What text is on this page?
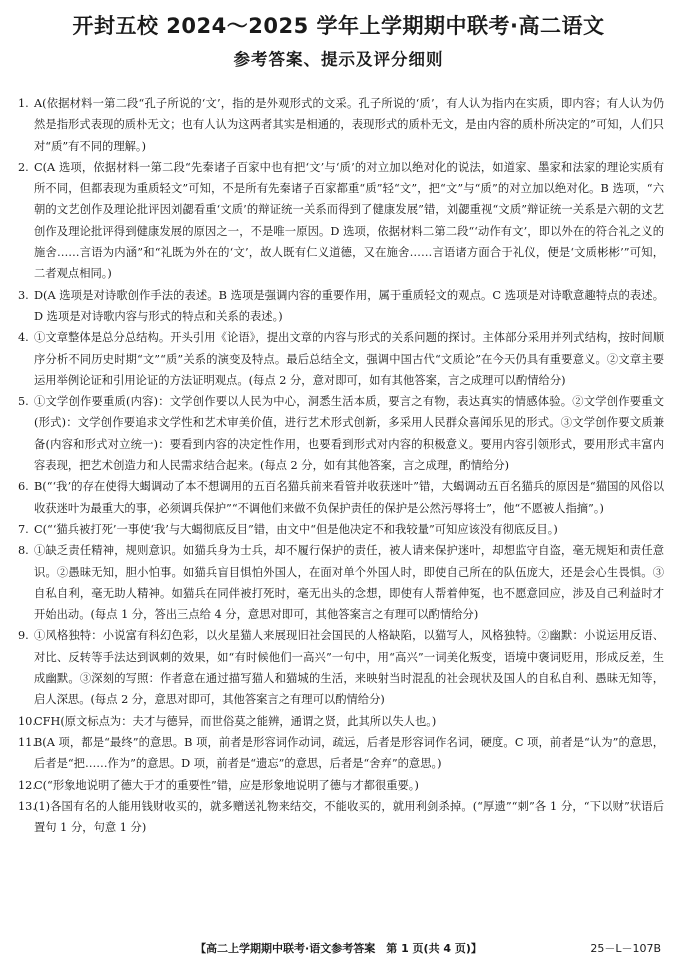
开封五校 2024～2025 学年上学期期中联考·高二语文
参考答案、提示及评分细则
1. A(依据材料一第二段“孔子所说的‘文’，指的是外观形式的文采。孔子所说的‘质’，有人认为指内在实质，即内容；有人认为仍然是指形式表现的质朴无文；也有人认为这两者其实是相通的，表现形式的质朴无文，是由内容的质朴所决定的”可知，人们只对“质”有不同的理解。)
2. C(A 选项，依据材料一第二段“先秦诸子百家中也有把‘文’与‘质’的对立加以绝对化的说法，如道家、墨家和法家的理论实质有所不同，但都表现为重质轻文”可知，不是所有先秦诸子百家都重“质”轻“文”，把“文”与“质”的对立加以绝对化。B 选项，“六朝的文艺创作及理论批评因刘勰看重‘文质’的辩证统一关系而得到了健康发展”错，刘勰重视“文质”辩证统一关系是六朝的文艺创作及理论批评得到健康发展的原因之一，不是唯一原因。D 选项，依据材料二第二段“‘动作有文’，即以外在的符合礼之义的施舍……言语为内涵”和“礼既为外在的‘文’，故人既有仁义道德，又在施舍……言语诸方面合于礼仪，便是‘文质彬彬’”可知，二者观点相同。)
3. D(A 选项是对诗歌创作手法的表述。B 选项是强调内容的重要作用，属于重质轻文的观点。C 选项是对诗歌意趣特点的表述。D 选项是对诗歌内容与形式的特点和关系的表述。)
4. ①文章整体是总分总结构。开头引用《论语》，提出文章的内容与形式的关系问题的探讨。主体部分采用并列式结构，按时间顺序分析不同历史时期“文”“质”关系的演变及特点。最后总结全文，强调中国古代“文质论”在今天仍具有重要意义。②文章主要运用举例论证和引用论证的方法证明观点。(每点 2 分，意对即可，如有其他答案，言之成理可以酌情给分)
5. ①文学创作要重质(内容)：文学创作要以人民为中心，洞悉生活本质，要言之有物，表达真实的情感体验。②文学创作要重文(形式)：文学创作要追求文学性和艺术审美价值，进行艺术形式创新，多采用人民群众喜闻乐见的形式。③文学创作要文质兼备(内容和形式对立统一)：要看到内容的决定性作用，也要看到形式对内容的积极意义。要用内容引领形式，要用形式丰富内容表现，把艺术创造力和人民需求结合起来。(每点 2 分，如有其他答案，言之成理，酌情给分)
6. B(“‘我’的存在使得大蝎调动了本不想调用的五百名猫兵前来看管并收获迷叶”错，大蝎调动五百名猫兵的原因是“猫国的风俗以收获迷叶为最重大的事，必须调兵保护”“不调他们来做不负保护责任的保护是公然污辱将士”，他“不愿被人指摘”。)
7. C(“‘猫兵被打死’一事使‘我’与大蝎彻底反目”错，由文中“但是他决定不和我较量”可知应该没有彻底反目。)
8. ①缺乏责任精神，规则意识。如猫兵身为士兵，却不履行保护的责任，被人请来保护迷叶，却想监守自盗，毫无规矩和责任意识。②愚昧无知，胆小怕事。如猫兵盲目惧怕外国人，在面对单个外国人时，即使自己所在的队伍庞大，还是会心生畏惧。③自私自利，毫无助人精神。如猫兵在同伴被打死时，毫无出头的念想，即使有人帮着伸冤，也不愿意回应，涉及自己利益时才开始出动。(每点 1 分，答出三点给 4 分，意思对即可，其他答案言之有理可以酌情给分)
9. ①风格独特：小说富有科幻色彩，以火星猫人来展现旧社会国民的人格缺陷，以猫写人，风格独特。②幽默：小说运用反语、对比、反转等手法达到讽刺的效果，如“有时候他们一高兴”一句中，用“高兴”一词美化叛变，语境中褒词贬用，形成反差，生成幽默。③深刻的写照：作者意在通过描写猫人和猫城的生活，来映射当时混乱的社会现状及国人的自私自利、愚昧无知等，启人深思。(每点 2 分，意思对即可，其他答案言之有理可以酌情给分)
10.
CFH(原文标点为：夫才与德异，而世俗莫之能辨，通谓之贤，此其所以失人也。)
11.
B(A 项，都是“最终”的意思。B 项，前者是形容词作动词，疏远，后者是形容词作名词，硬度。C 项，前者是“认为”的意思，后者是“把……作为”的意思。D 项，前者是“遗忘”的意思，后者是“舍弃”的意思。)
12.
C(“形象地说明了德大于才的重要性”错，应是形象地说明了德与才都很重要。)
13.
(1)各国有名的人能用钱财收买的，就多赠送礼物来结交，不能收买的，就用利剑杀掉。(“厚遗”“刺”各 1 分，“下以财”状语后置句 1 分，句意 1 分)
【高二上学期期中联考·语文参考答案　第 1 页(共 4 页)】	25－L－107B
